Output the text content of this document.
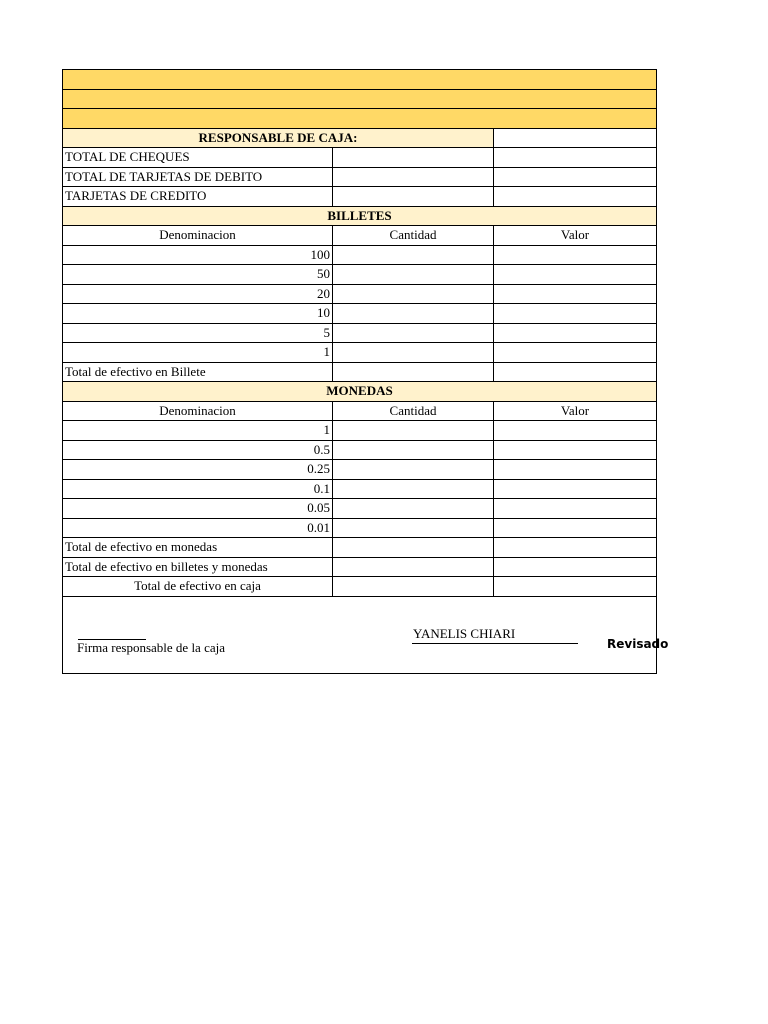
RESPONSABLE DE CAJA:		
TOTAL DE CHEQUES		
TOTAL DE TARJETAS DE DEBITO		
TARJETAS DE CREDITO		
BILLETES		
Denominacion	Cantidad	Valor
100		
50		
20		
10		
5		
1		
Total de efectivo en Billete		
MONEDAS		
Denominacion	Cantidad	Valor
1		
0.5		
0.25		
0.1		
0.05		
0.01		
Total de efectivo en monedas		
Total de efectivo en billetes y monedas		
Total de efectivo en caja		

Firma responsable de la caja
YANELIS CHIARI
Revisado		
